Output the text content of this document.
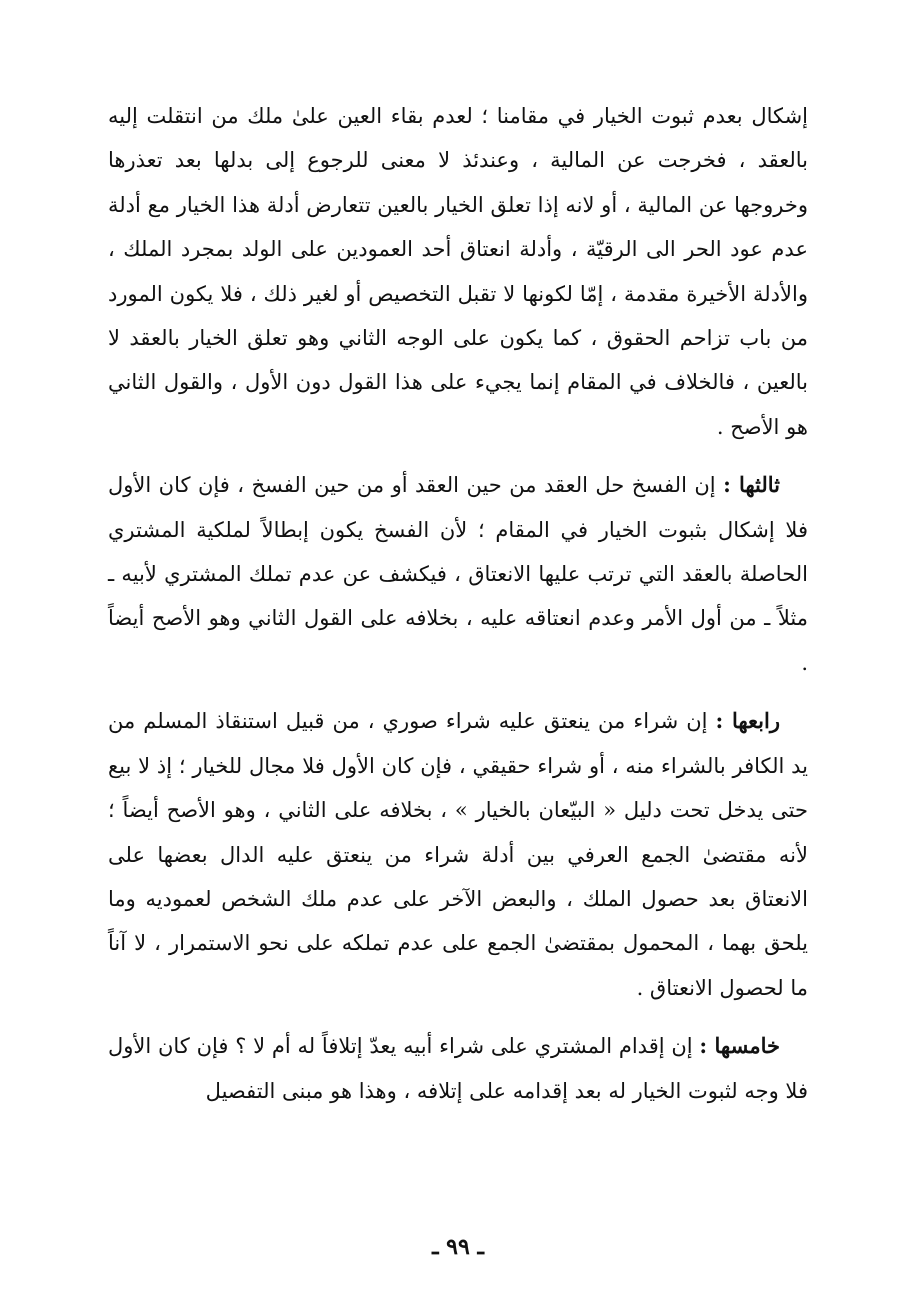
إشكال بعدم ثبوت الخيار في مقامنا ؛ لعدم بقاء العين علىٰ ملك من انتقلت إليه بالعقد ، فخرجت عن المالية ، وعندئذ لا معنى للرجوع إلى بدلها بعد تعذرها وخروجها عن المالية ، أو لانه إذا تعلق الخيار بالعين تتعارض أدلة هذا الخيار مع أدلة عدم عود الحر الى الرقيّة ، وأدلة انعتاق أحد العمودين على الولد بمجرد الملك ، والأدلة الأخيرة مقدمة ، إمّا لكونها لا تقبل التخصيص أو لغير ذلك ، فلا يكون المورد من باب تزاحم الحقوق ، كما يكون على الوجه الثاني وهو تعلق الخيار بالعقد لا بالعين ، فالخلاف في المقام إنما يجيء على هذا القول دون الأول ، والقول الثاني هو الأصح .

ثالثها : إن الفسخ حل العقد من حين العقد أو من حين الفسخ ، فإن كان الأول فلا إشكال بثبوت الخيار في المقام ؛ لأن الفسخ يكون إبطالاً لملكية المشتري الحاصلة بالعقد التي ترتب عليها الانعتاق ، فيكشف عن عدم تملك المشتري لأبيه ـ مثلاً ـ من أول الأمر وعدم انعتاقه عليه ، بخلافه على القول الثاني وهو الأصح أيضاً .

رابعها : إن شراء من ينعتق عليه شراء صوري ، من قبيل استنقاذ المسلم من يد الكافر بالشراء منه ، أو شراء حقيقي ، فإن كان الأول فلا مجال للخيار ؛ إذ لا بيع حتى يدخل تحت دليل « البيّعان بالخيار » ، بخلافه على الثاني ، وهو الأصح أيضاً ؛ لأنه مقتضىٰ الجمع العرفي بين أدلة شراء من ينعتق عليه الدال بعضها على الانعتاق بعد حصول الملك ، والبعض الآخر على عدم ملك الشخص لعموديه وما يلحق بهما ، المحمول بمقتضىٰ الجمع على عدم تملكه على نحو الاستمرار ، لا آناً ما لحصول الانعتاق .

خامسها : إن إقدام المشتري على شراء أبيه يعدّ إتلافاً له أم لا ؟ فإن كان الأول فلا وجه لثبوت الخيار له بعد إقدامه على إتلافه ، وهذا هو مبنى التفصيل

ـ ٩٩ ـ
